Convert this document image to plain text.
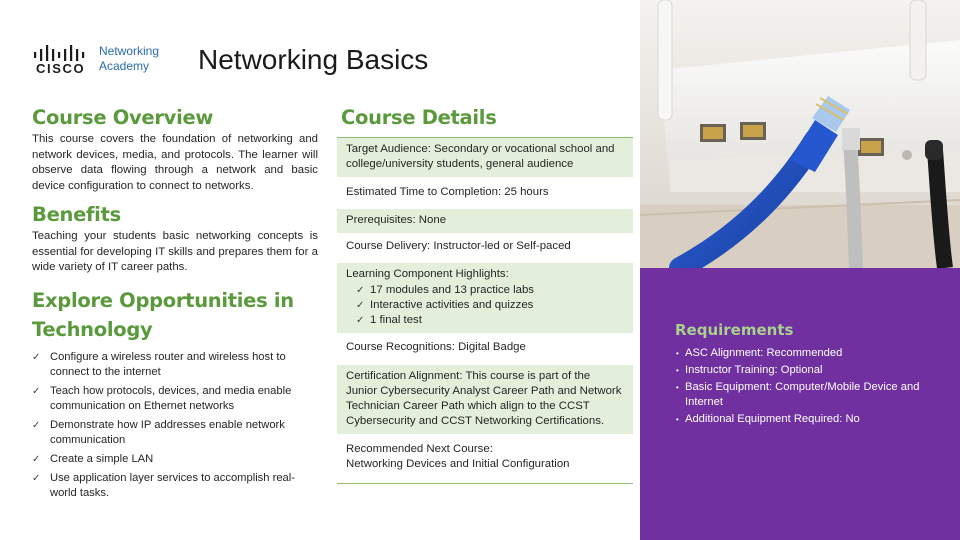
CISCO
Networking
Academy	Networking Basics
Course Overview

This course covers the foundation of networking and network devices, media, and protocols. The learner will observe data flowing through a network and basic device configuration to connect to networks.

Benefits

Teaching your students basic networking concepts is essential for developing IT skills and prepares them for a wide variety of IT career paths.

Explore Opportunities in Technology
✓ Configure a wireless router and wireless host to connect to the internet
✓ Teach how protocols, devices, and media enable communication on Ethernet networks
✓ Demonstrate how IP addresses enable network communication
✓ Create a simple LAN
✓ Use application layer services to accomplish real-world tasks.
Course Details
Target Audience: Secondary or vocational school and college/university students, general audience
Estimated Time to Completion: 25 hours
Prerequisites: None
Course Delivery: Instructor-led or Self-paced
Learning Component Highlights:
✓ 17 modules and 13 practice labs
✓ Interactive activities and quizzes
✓ 1 final test
Course Recognitions: Digital Badge
Certification Alignment: This course is part of the Junior Cybersecurity Analyst Career Path and Network Technician Career Path which align to the CCST Cybersecurity and CCST Networking Certifications.
Recommended Next Course:
Networking Devices and Initial Configuration
Requirements
• ASC Alignment: Recommended
• Instructor Training: Optional
• Basic Equipment: Computer/Mobile Device and Internet
• Additional Equipment Required: No
